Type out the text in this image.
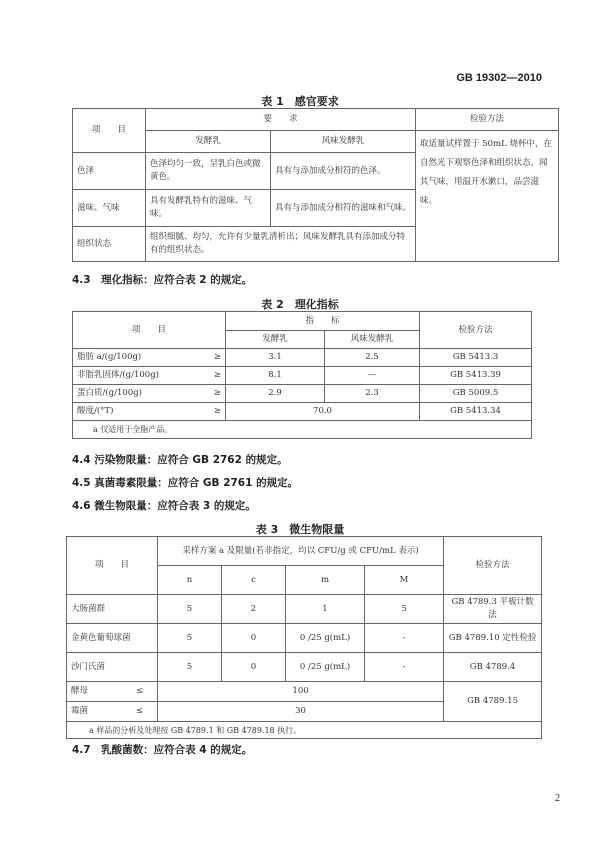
GB 19302—2010
表 1　感官要求
项　　目	要　　求		检验方法
	发酵乳	风味发酵乳	取适量试样置于 50mL 烧杯中，在自然光下观察色泽和组织状态。闻其气味，用温开水漱口，品尝滋味。
色泽	色泽均匀一致，呈乳白色或微黄色。	具有与添加成分相符的色泽。	
滋味、气味	具有发酵乳特有的滋味、气味。	具有与添加成分相符的滋味和气味。	
组织状态	组织细腻、均匀，允许有少量乳清析出；风味发酵乳具有添加成分特有的组织状态。		
4.3　理化指标：应符合表 2 的规定。
表 2　理化指标
项　　目	指　　标		检验方法
	发酵乳	风味发酵乳	
脂肪 a/(g/100g) ≥	3.1	2.5	GB 5413.3
非脂乳固体/(g/100g) ≥	8.1	—	GB 5413.39
蛋白质/(g/100g) ≥	2.9	2.3	GB 5009.5
酸度/(°T) ≥	70.0		GB 5413.34
a 仅适用于全脂产品。			
4.4 污染物限量：应符合 GB 2762 的规定。
4.5 真菌毒素限量：应符合 GB 2761 的规定。
4.6 微生物限量：应符合表 3 的规定。
表 3　微生物限量
项　　目	采样方案 a 及限量(若非指定，均以 CFU/g 或 CFU/mL 表示)				检验方法
	n	c	m	M	
大肠菌群	5	2	1	5	GB 4789.3 平板计数法
金黄色葡萄球菌	5	0	0 /25 g(mL)	-	GB 4789.10 定性检验
沙门氏菌	5	0	0 /25 g(mL)	-	GB 4789.4
酵母 ≤	100				GB 4789.15
霉菌 ≤	30				
a 样品的分析及处理按 GB 4789.1 和 GB 4789.18 执行。					
4.7　乳酸菌数：应符合表 4 的规定。
2
